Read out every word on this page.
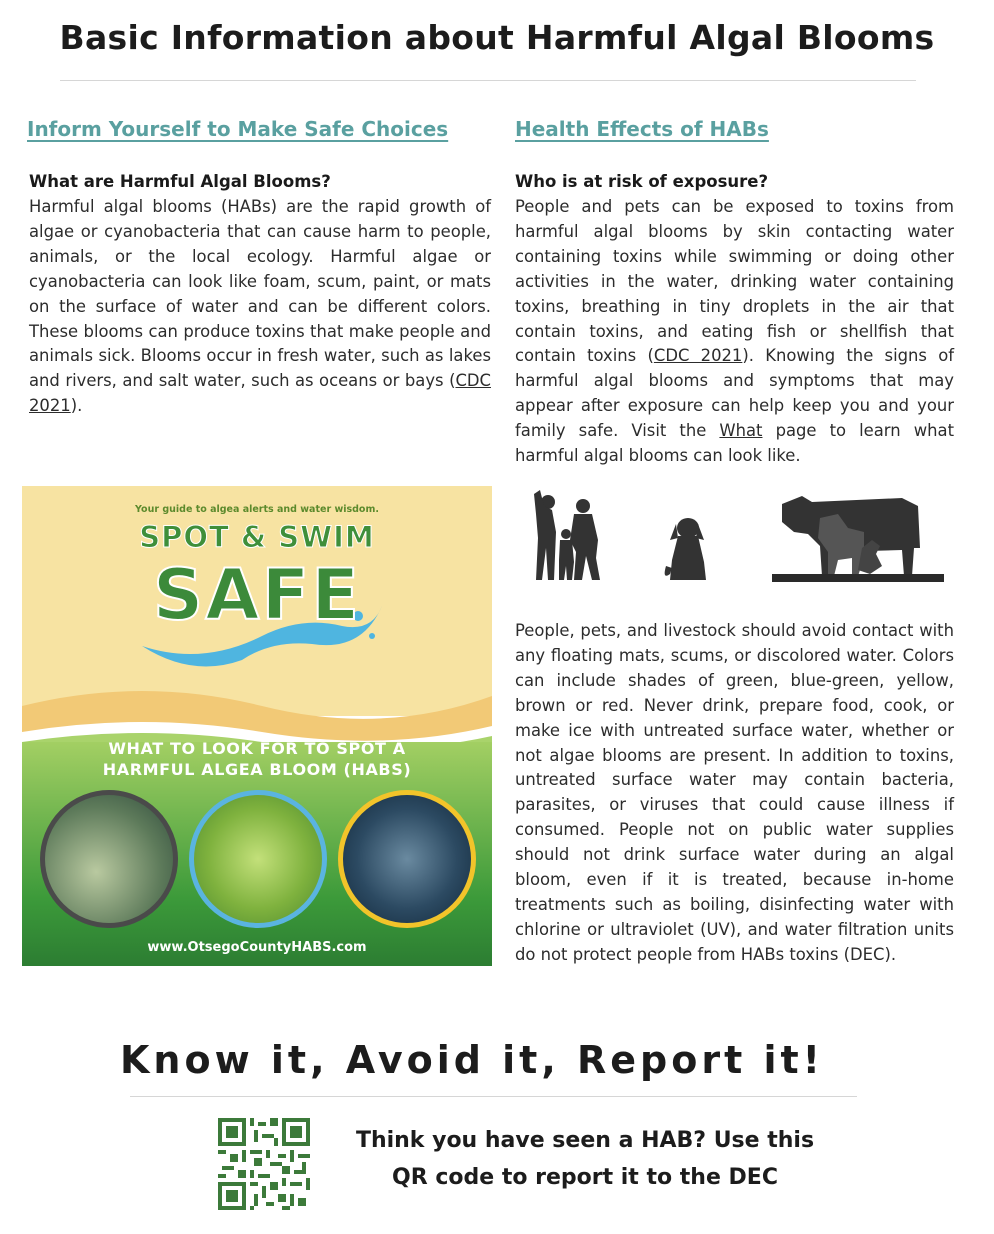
Basic Information about Harmful Algal Blooms
Inform Yourself to Make Safe Choices
What are Harmful Algal Blooms?
Harmful algal blooms (HABs) are the rapid growth of algae or cyanobacteria that can cause harm to people, animals, or the local ecology. Harmful algae or cyanobacteria can look like foam, scum, paint, or mats on the surface of water and can be different colors. These blooms can produce toxins that make people and animals sick. Blooms occur in fresh water, such as lakes and rivers, and salt water, such as oceans or bays (CDC 2021).
Health Effects of HABs
Who is at risk of exposure?
People and pets can be exposed to toxins from harmful algal blooms by skin contacting water containing toxins while swimming or doing other activities in the water, drinking water containing toxins, breathing in tiny droplets in the air that contain toxins, and eating fish or shellfish that contain toxins (CDC 2021). Knowing the signs of harmful algal blooms and symptoms that may appear after exposure can help keep you and your family safe. Visit the What page to learn what harmful algal blooms can look like.
People, pets, and livestock should avoid contact with any floating mats, scums, or discolored water. Colors can include shades of green, blue-green, yellow, brown or red. Never drink, prepare food, cook, or make ice with untreated surface water, whether or not algae blooms are present. In addition to toxins, untreated surface water may contain bacteria, parasites, or viruses that could cause illness if consumed. People not on public water supplies should not drink surface water during an algal bloom, even if it is treated, because in-home treatments such as boiling, disinfecting water with chlorine or ultraviolet (UV), and water filtration units do not protect people from HABs toxins (DEC).
Your guide to algea alerts and water wisdom.
SPOT & SWIM
SAFE
WHAT TO LOOK FOR TO SPOT A
HARMFUL ALGEA BLOOM (HABS)
www.OtsegoCountyHABS.com
Know it, Avoid it, Report it!
Think you have seen a HAB? Use this
QR code to report it to the DEC
